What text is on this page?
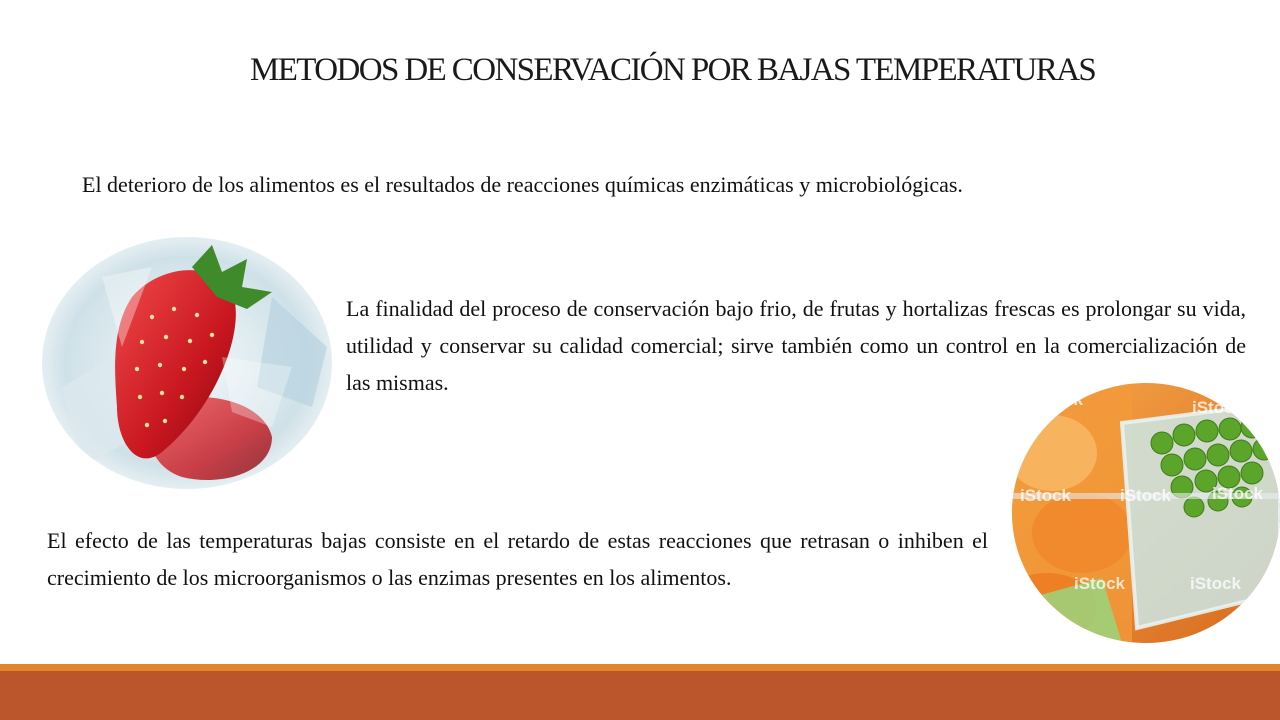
METODOS DE CONSERVACIÓN POR BAJAS TEMPERATURAS
El deterioro de los alimentos es el resultados de reacciones químicas enzimáticas y microbiológicas.
La finalidad del proceso de conservación bajo frio, de frutas y hortalizas frescas es prolongar su vida, utilidad y conservar su calidad comercial; sirve también como un control en la comercialización de las mismas.
iStock	iStock
iStock	iStock iStock
iStock	iStock
El efecto de las temperaturas bajas consiste en el retardo de estas reacciones que retrasan o inhiben el crecimiento de los microorganismos o las enzimas presentes en los alimentos.
